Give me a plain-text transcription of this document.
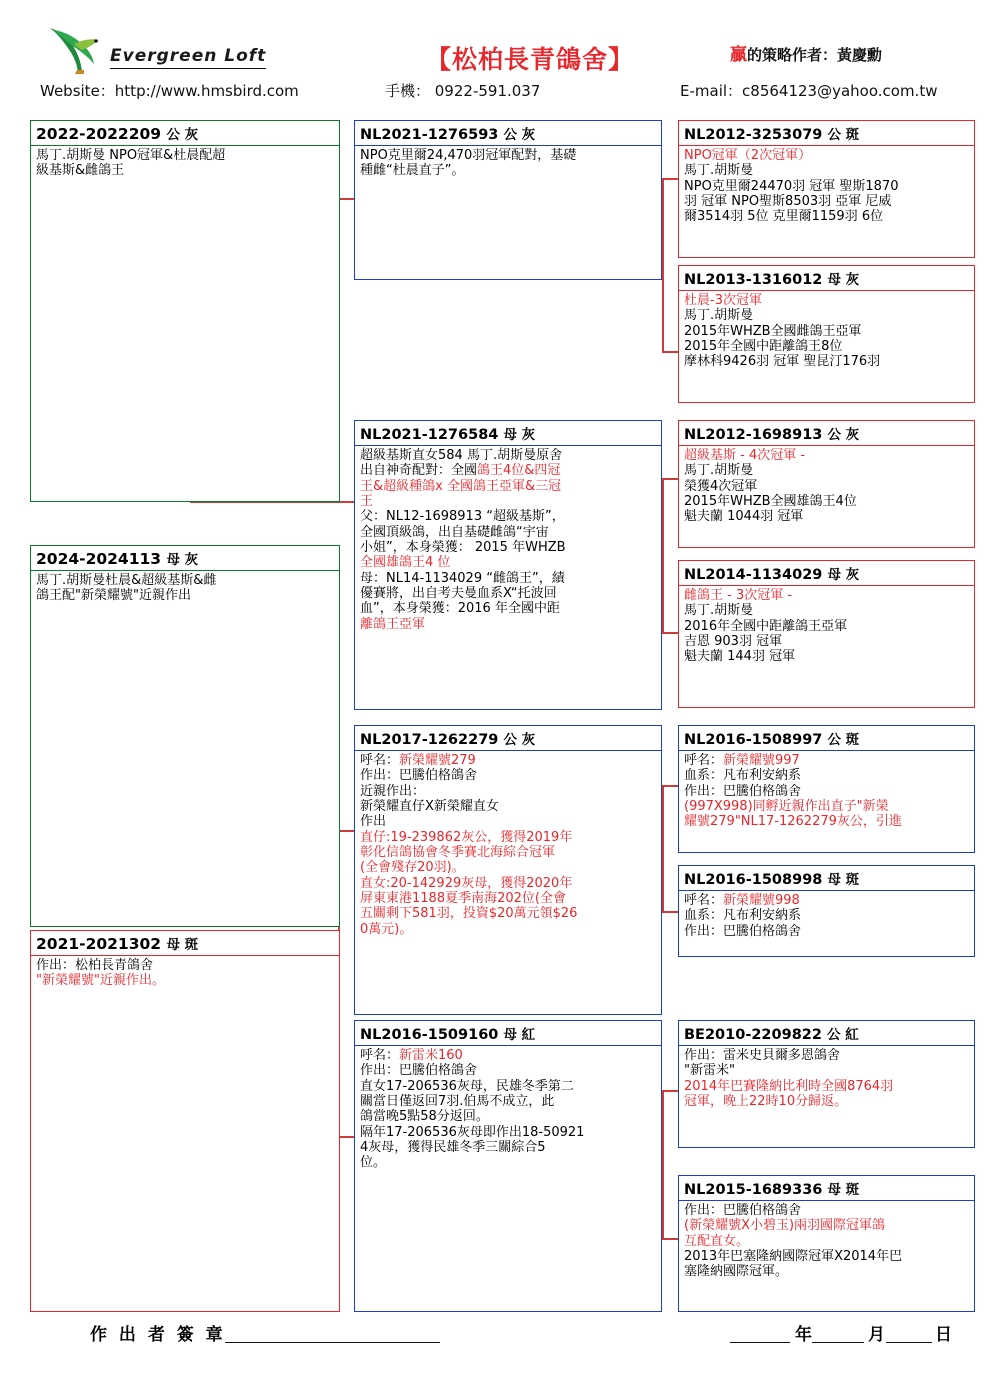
Evergreen Loft
Website：http://www.hmsbird.com
【松柏長青鴿舍】
手機： 0922-591.037
贏的策略作者：黃慶勳
E-mail：c8564123@yahoo.com.tw
2022-2022209 公 灰
馬丁.胡斯曼 NPO冠軍&杜晨配超
級基斯&雌鴿王
2024-2024113 母 灰
馬丁.胡斯曼杜晨&超級基斯&雌
鴿王配"新榮耀號"近親作出
2021-2021302 母 斑
作出：松柏長青鴿舍
"新榮耀號"近親作出。
NL2021-1276593 公 灰
NPO克里爾24,470羽冠軍配對，基礎
種雌“杜晨直子”。
NL2021-1276584 母 灰
超級基斯直女584 馬丁.胡斯曼原舍
出自神奇配對：全國鴿王4位&四冠
王&超級種鴿x 全國鴿王亞軍&三冠
王
父：NL12-1698913 “超級基斯”，
全國頂級鴿，出自基礎雌鴿“宇宙
小姐”，本身榮獲： 2015 年WHZB
全國雄鴿王4 位
母：NL14-1134029 “雌鴿王”，績
優賽將，出自考夫曼血系X“托波回
血”，本身榮獲：2016 年全國中距
離鴿王亞軍
NL2017-1262279 公 灰
呼名：新榮耀號279
作出：巴騰伯格鴿舍
近親作出：
新榮耀直仔X新榮耀直女
作出
直仔:19-239862灰公，獲得2019年
彰化信鴿協會冬季賽北海綜合冠軍
(全會殘存20羽)。
直女:20-142929灰母，獲得2020年
屏東東港1188夏季南海202位(全會
五關剩下581羽，投資$20萬元領$26
0萬元)。
NL2016-1509160 母 紅
呼名：新雷米160
作出：巴騰伯格鴿舍
直女17-206536灰母，民雄冬季第二
關當日僅返回7羽.伯馬不成立，此
鴿當晚5點58分返回。
隔年17-206536灰母即作出18-50921
4灰母，獲得民雄冬季三關綜合5
位。
NL2012-3253079 公 斑
NPO冠軍（2次冠軍）
馬丁.胡斯曼
NPO克里爾24470羽 冠軍 聖斯1870
羽 冠軍 NPO聖斯8503羽 亞軍 尼威
爾3514羽 5位 克里爾1159羽 6位
NL2013-1316012 母 灰
杜晨-3次冠軍
馬丁.胡斯曼
2015年WHZB全國雌鴿王亞軍
2015年全國中距離鴿王8位
摩林科9426羽 冠軍 聖昆汀176羽
NL2012-1698913 公 灰
超級基斯 - 4次冠軍 -
馬丁.胡斯曼
榮獲4次冠軍
2015年WHZB全國雄鴿王4位
魁夫蘭 1044羽 冠軍
NL2014-1134029 母 灰
雌鴿王 - 3次冠軍 -
馬丁.胡斯曼
2016年全國中距離鴿王亞軍
吉恩 903羽 冠軍
魁夫蘭 144羽 冠軍
NL2016-1508997 公 斑
呼名：新榮耀號997
血系：凡布利安納系
作出：巴騰伯格鴿舍
(997X998)同孵近親作出直子"新榮
耀號279"NL17-1262279灰公，引進
NL2016-1508998 母 斑
呼名：新榮耀號998
血系：凡布利安納系
作出：巴騰伯格鴿舍
BE2010-2209822 公 紅
作出：雷米史貝爾多恩鴿舍
"新雷米"
2014年巴賽隆納比利時全國8764羽
冠軍，晚上22時10分歸返。
NL2015-1689336 母 斑
作出：巴騰伯格鴿舍
(新榮耀號X小碧玉)兩羽國際冠軍鴿
互配直女。
2013年巴塞隆納國際冠軍X2014年巴
塞隆納國際冠軍。
作 出 者 簽 章	年	月	日
